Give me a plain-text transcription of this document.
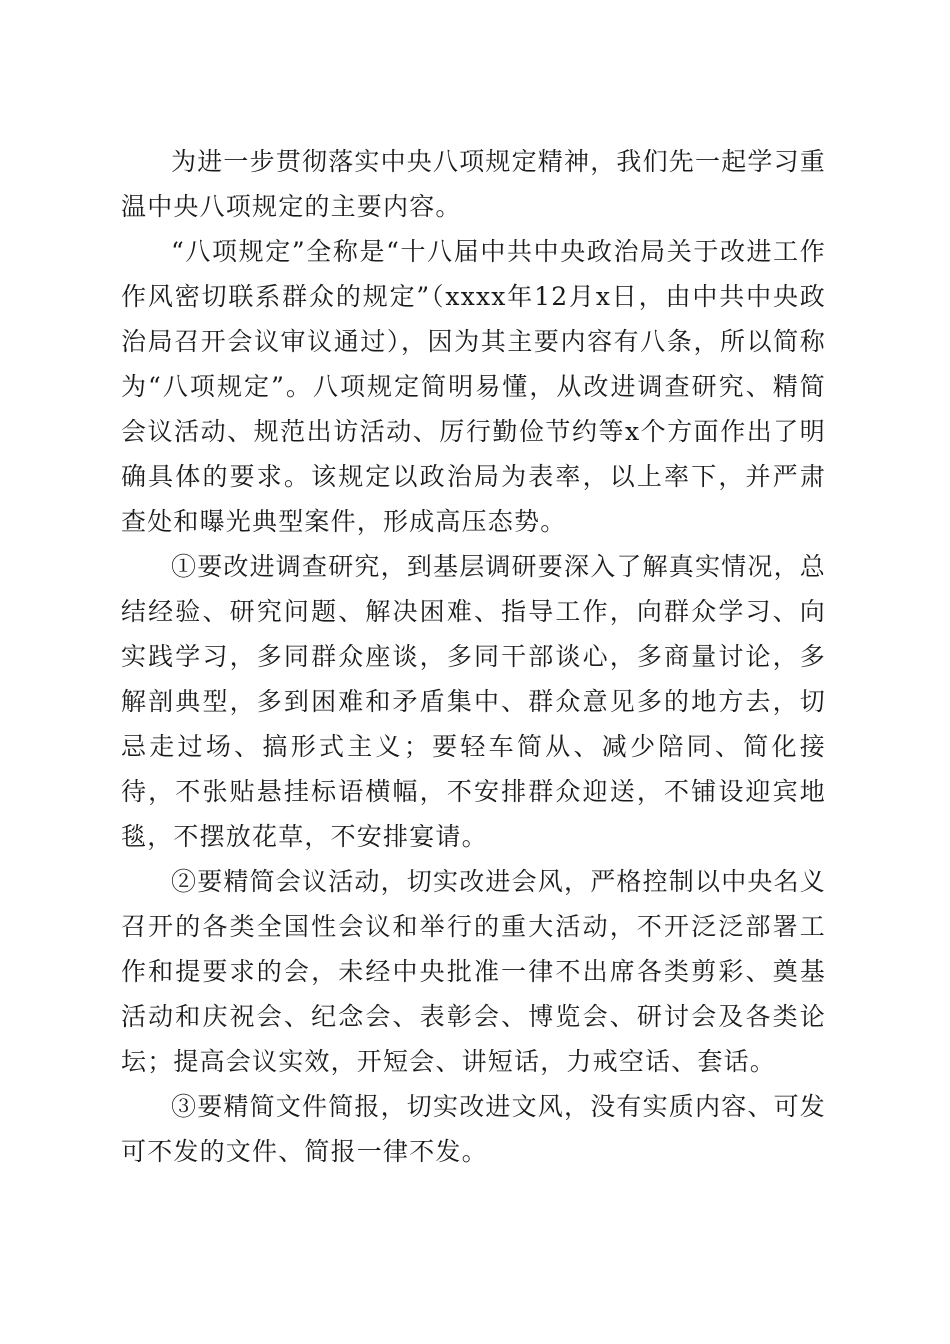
为进一步贯彻落实中央八项规定精神，我们先一起学习重温中央八项规定的主要内容。

“八项规定”全称是“十八届中共中央政治局关于改进工作作风密切联系群众的规定”（xxxx年12月x日，由中共中央政治局召开会议审议通过），因为其主要内容有八条，所以简称为“八项规定”。八项规定简明易懂，从改进调查研究、精简会议活动、规范出访活动、厉行勤俭节约等x个方面作出了明确具体的要求。该规定以政治局为表率，以上率下，并严肃查处和曝光典型案件，形成高压态势。

①要改进调查研究，到基层调研要深入了解真实情况，总结经验、研究问题、解决困难、指导工作，向群众学习、向实践学习，多同群众座谈，多同干部谈心，多商量讨论，多解剖典型，多到困难和矛盾集中、群众意见多的地方去，切忌走过场、搞形式主义；要轻车简从、减少陪同、简化接待，不张贴悬挂标语横幅，不安排群众迎送，不铺设迎宾地毯，不摆放花草，不安排宴请。

②要精简会议活动，切实改进会风，严格控制以中央名义召开的各类全国性会议和举行的重大活动，不开泛泛部署工作和提要求的会，未经中央批准一律不出席各类剪彩、奠基活动和庆祝会、纪念会、表彰会、博览会、研讨会及各类论坛；提高会议实效，开短会、讲短话，力戒空话、套话。

③要精简文件简报，切实改进文风，没有实质内容、可发可不发的文件、简报一律不发。
